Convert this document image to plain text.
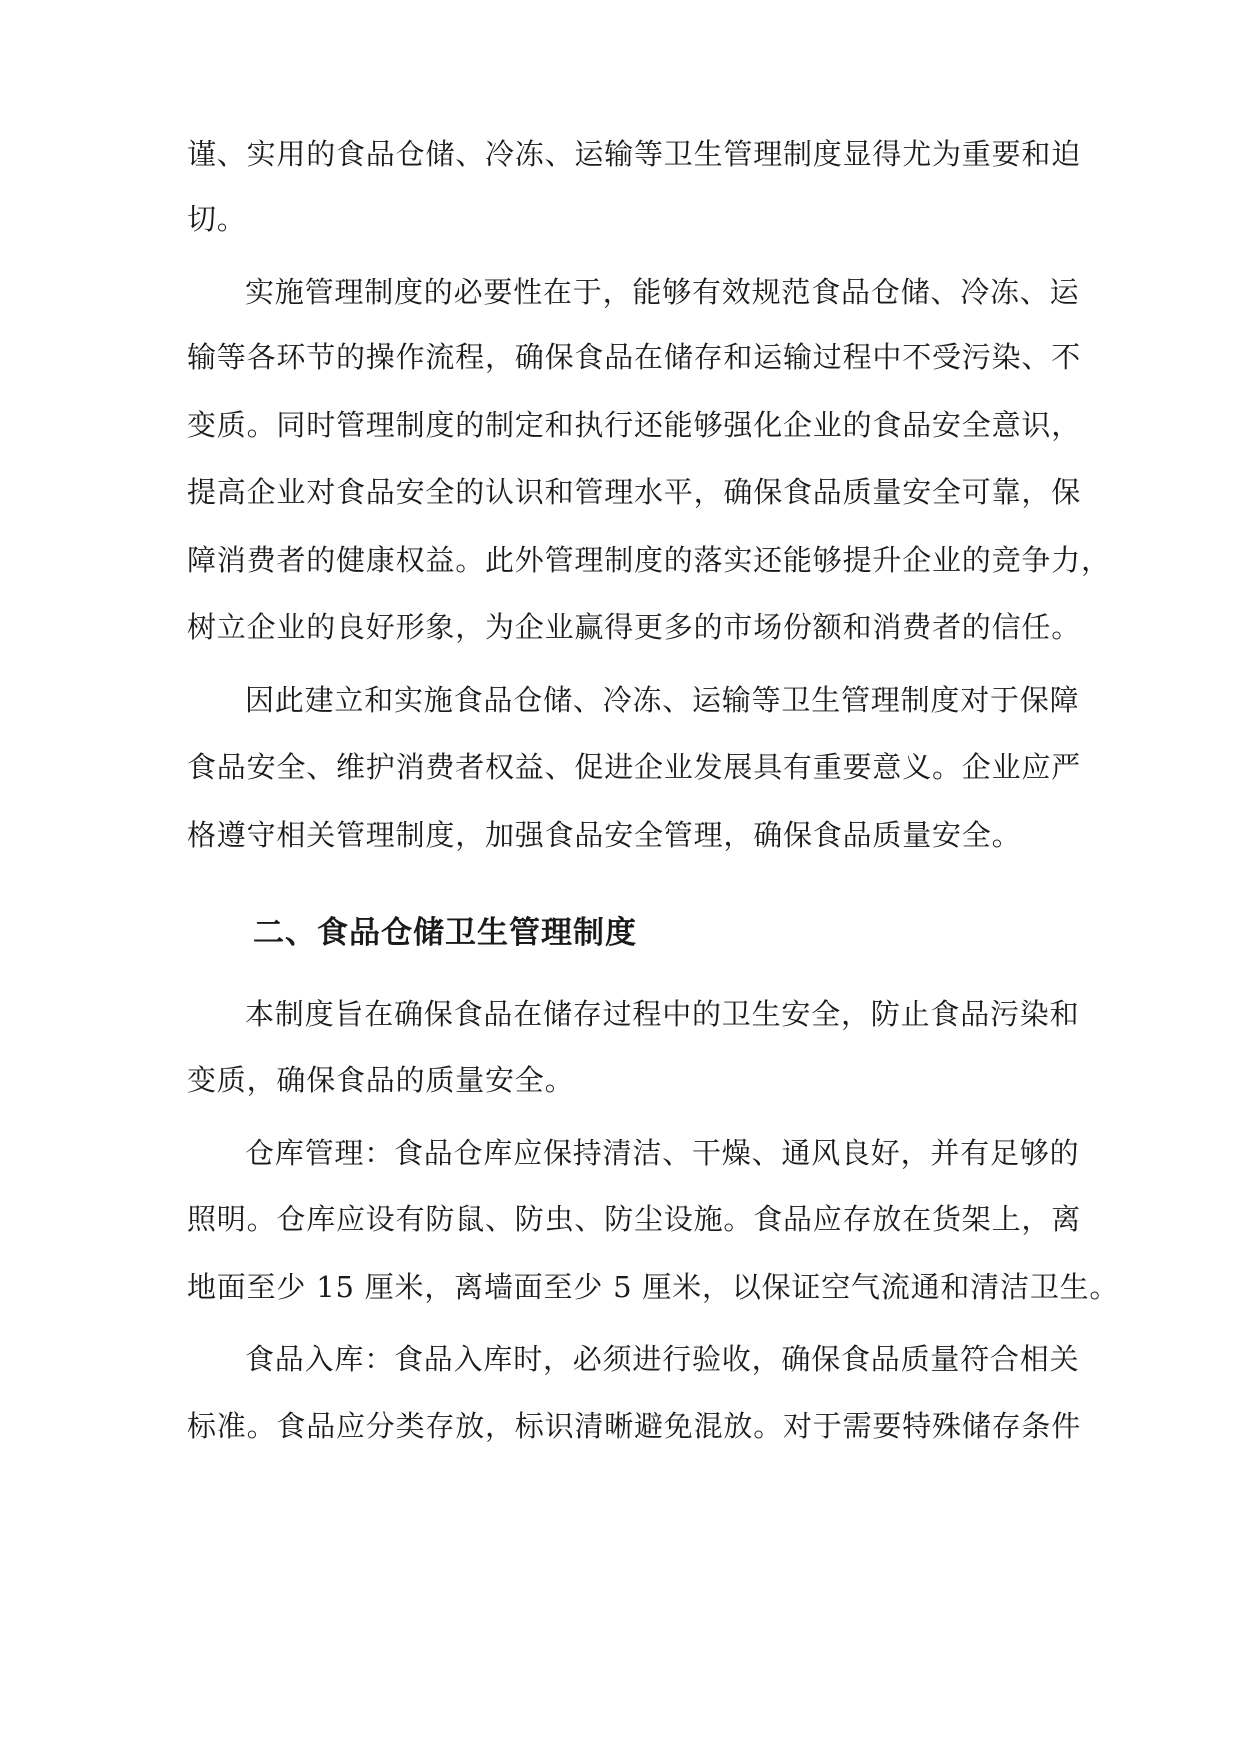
谨、实用的食品仓储、冷冻、运输等卫生管理制度显得尤为重要和迫
切。
实施管理制度的必要性在于，能够有效规范食品仓储、冷冻、运
输等各环节的操作流程，确保食品在储存和运输过程中不受污染、不
变质。同时管理制度的制定和执行还能够强化企业的食品安全意识，
提高企业对食品安全的认识和管理水平，确保食品质量安全可靠，保
障消费者的健康权益。此外管理制度的落实还能够提升企业的竞争力，
树立企业的良好形象，为企业赢得更多的市场份额和消费者的信任。
因此建立和实施食品仓储、冷冻、运输等卫生管理制度对于保障
食品安全、维护消费者权益、促进企业发展具有重要意义。企业应严
格遵守相关管理制度，加强食品安全管理，确保食品质量安全。
二、食品仓储卫生管理制度
本制度旨在确保食品在储存过程中的卫生安全，防止食品污染和
变质，确保食品的质量安全。
仓库管理：食品仓库应保持清洁、干燥、通风良好，并有足够的
照明。仓库应设有防鼠、防虫、防尘设施。食品应存放在货架上，离
地面至少 15 厘米，离墙面至少 5 厘米，以保证空气流通和清洁卫生。
食品入库：食品入库时，必须进行验收，确保食品质量符合相关
标准。食品应分类存放，标识清晰避免混放。对于需要特殊储存条件
